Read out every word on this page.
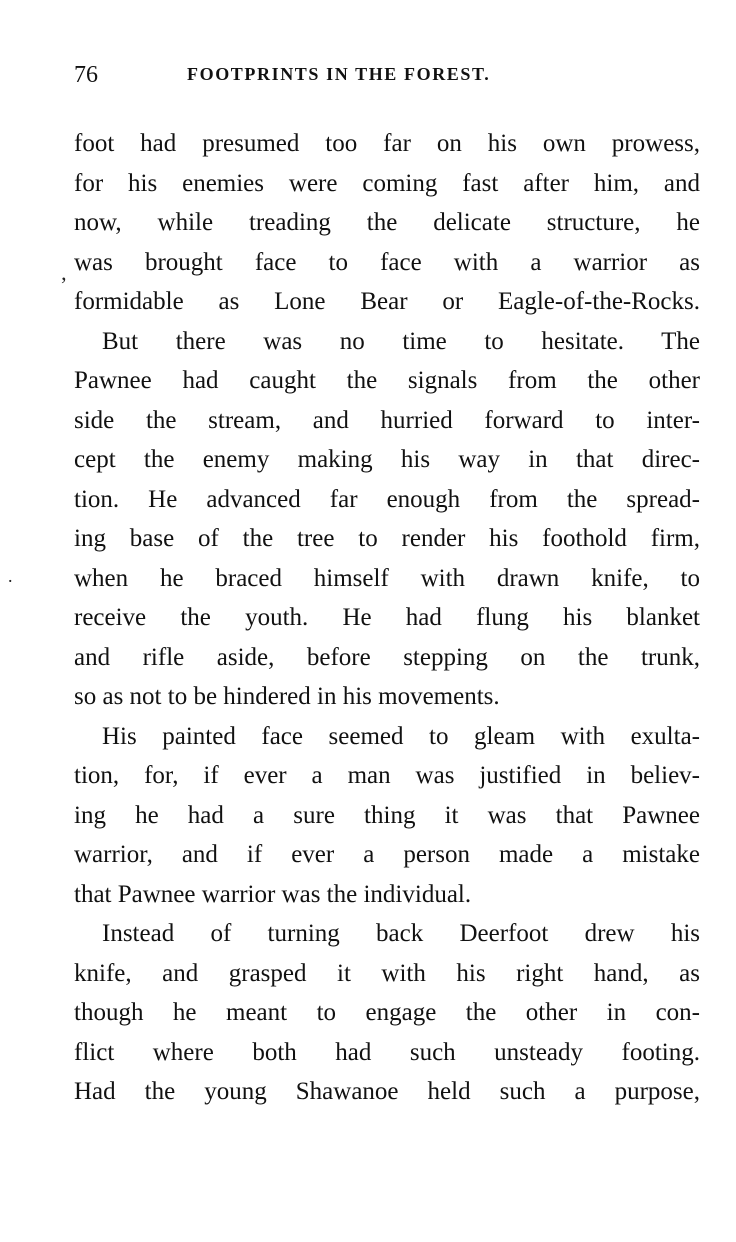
76	FOOTPRINTS IN THE FOREST.
’
.
foot had presumed too far on his own prowess,
for his enemies were coming fast after him, and
now, while treading the delicate structure, he
was brought face to face with a warrior as
formidable as Lone Bear or Eagle-of-the-Rocks.
But there was no time to hesitate. The
Pawnee had caught the signals from the other
side the stream, and hurried forward to inter-
cept the enemy making his way in that direc-
tion. He advanced far enough from the spread-
ing base of the tree to render his foothold firm,
when he braced himself with drawn knife, to
receive the youth. He had flung his blanket
and rifle aside, before stepping on the trunk,
so as not to be hindered in his movements.
His painted face seemed to gleam with exulta-
tion, for, if ever a man was justified in believ-
ing he had a sure thing it was that Pawnee
warrior, and if ever a person made a mistake
that Pawnee warrior was the individual.
Instead of turning back Deerfoot drew his
knife, and grasped it with his right hand, as
though he meant to engage the other in con-
flict where both had such unsteady footing.
Had the young Shawanoe held such a purpose,
